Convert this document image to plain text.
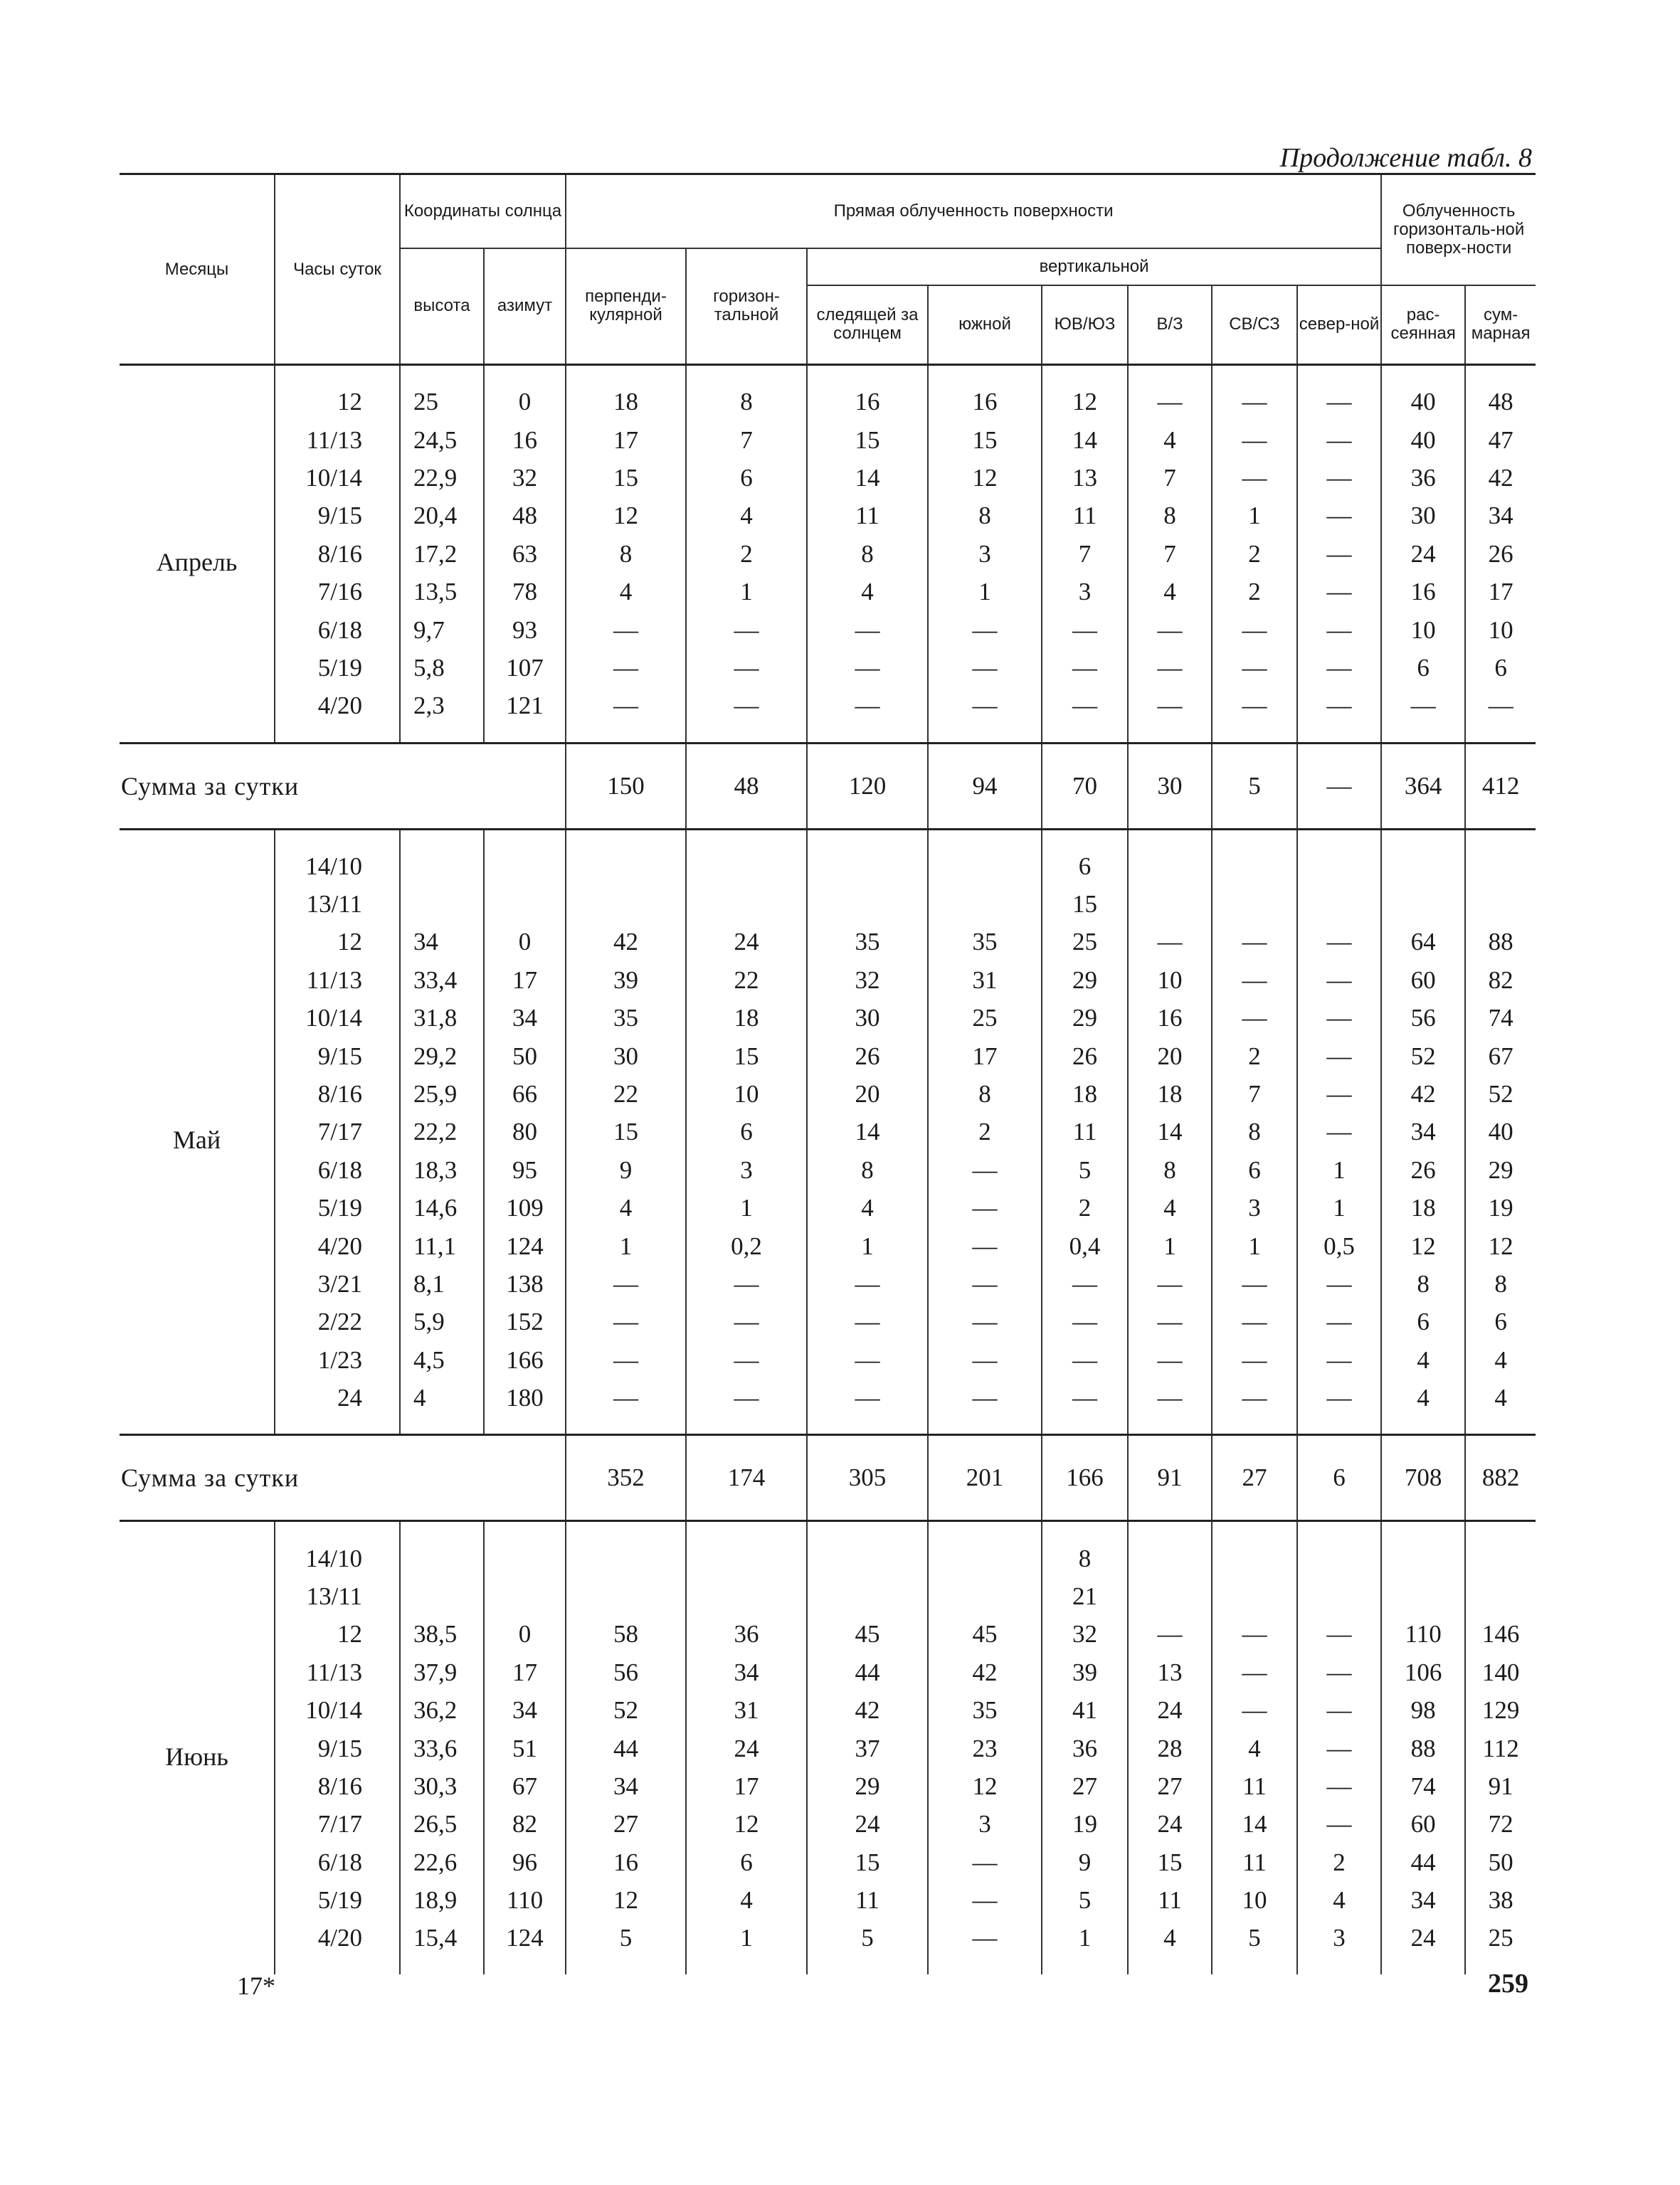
Продолжение табл. 8
Месяцы	Часы суток	Координаты солнца		Прямая облученность поверхности								Облученность горизонталь-ной поверх-ности	
		высота	азимут	перпенди-кулярной	горизон-тальной	вертикальной							
						следящей за солнцем	южной	ЮВ/ЮЗ	В/З	СВ/СЗ	север-ной	рас-сеянная	сум-марная

Апрель	12	25	0	18	8	16	16	12	—	—	—	40	48
	11/13	24,5	16	17	7	15	15	14	4	—	—	40	47
	10/14	22,9	32	15	6	14	12	13	7	—	—	36	42
	9/15	20,4	48	12	4	11	8	11	8	1	—	30	34
	8/16	17,2	63	8	2	8	3	7	7	2	—	24	26
	7/16	13,5	78	4	1	4	1	3	4	2	—	16	17
	6/18	9,7	93	—	—	—	—	—	—	—	—	10	10
	5/19	5,8	107	—	—	—	—	—	—	—	—	6	6
	4/20	2,3	121	—	—	—	—	—	—	—	—	—	—

Сумма за сутки				150	48	120	94	70	30	5	—	364	412

Май	14/10							6					
	13/11							15					
	12	34	0	42	24	35	35	25	—	—	—	64	88
	11/13	33,4	17	39	22	32	31	29	10	—	—	60	82
	10/14	31,8	34	35	18	30	25	29	16	—	—	56	74
	9/15	29,2	50	30	15	26	17	26	20	2	—	52	67
	8/16	25,9	66	22	10	20	8	18	18	7	—	42	52
	7/17	22,2	80	15	6	14	2	11	14	8	—	34	40
	6/18	18,3	95	9	3	8	—	5	8	6	1	26	29
	5/19	14,6	109	4	1	4	—	2	4	3	1	18	19
	4/20	11,1	124	1	0,2	1	—	0,4	1	1	0,5	12	12
	3/21	8,1	138	—	—	—	—	—	—	—	—	8	8
	2/22	5,9	152	—	—	—	—	—	—	—	—	6	6
	1/23	4,5	166	—	—	—	—	—	—	—	—	4	4
	24	4	180	—	—	—	—	—	—	—	—	4	4

Сумма за сутки				352	174	305	201	166	91	27	6	708	882

Июнь	14/10							8					
	13/11							21					
	12	38,5	0	58	36	45	45	32	—	—	—	110	146
	11/13	37,9	17	56	34	44	42	39	13	—	—	106	140
	10/14	36,2	34	52	31	42	35	41	24	—	—	98	129
	9/15	33,6	51	44	24	37	23	36	28	4	—	88	112
	8/16	30,3	67	34	17	29	12	27	27	11	—	74	91
	7/17	26,5	82	27	12	24	3	19	24	14	—	60	72
	6/18	22,6	96	16	6	15	—	9	15	11	2	44	50
	5/19	18,9	110	12	4	11	—	5	11	10	4	34	38
	4/20	15,4	124	5	1	5	—	1	4	5	3	24	25

17*	259
